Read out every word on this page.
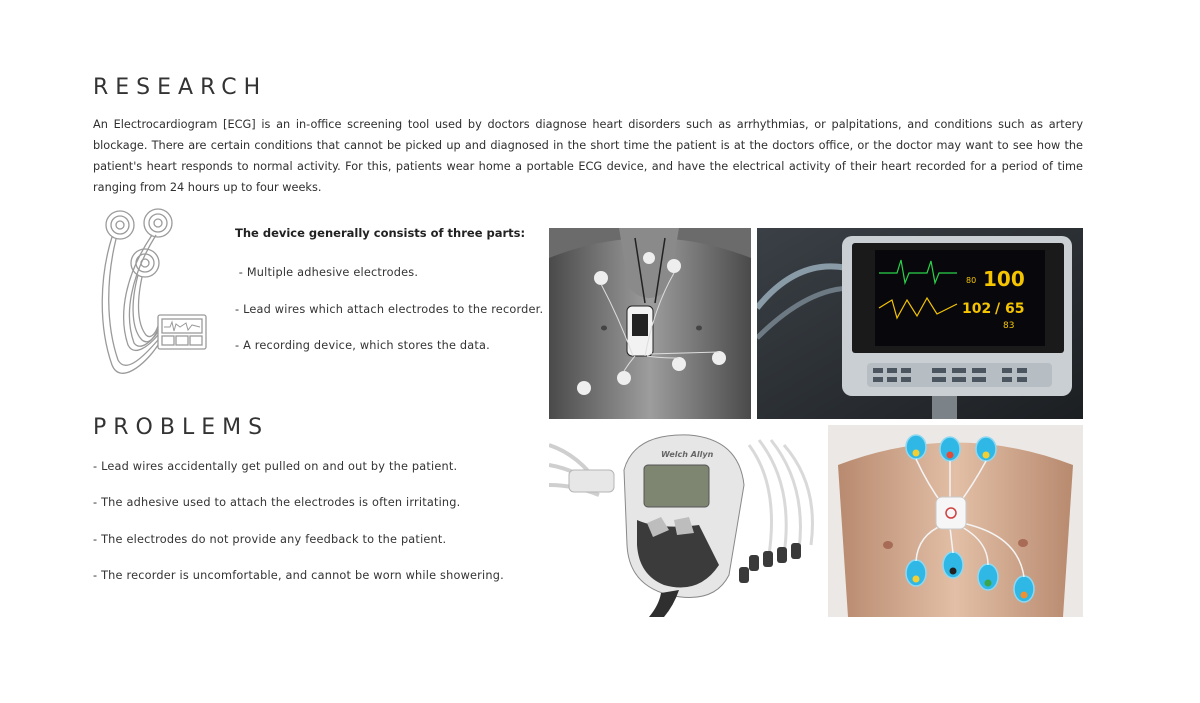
RESEARCH

An Electrocardiogram [ECG] is an in-office screening tool used by doctors diagnose heart disorders such as arrhythmias, or palpitations, and conditions such as artery blockage. There are certain conditions that cannot be picked up and diagnosed in the short time the patient is at the doctors office, or the doctor may want to see how the patient's heart responds to normal activity. For this, patients wear home a portable ECG device, and have the electrical activity of their heart recorded for a period of time ranging from 24 hours up to four weeks.

The device generally consists of three parts:

- Multiple adhesive electrodes.

- Lead wires which attach electrodes to the recorder.

- A recording device, which stores the data.

PROBLEMS

- Lead wires accidentally get pulled on and out by the patient.

- The adhesive used to attach the electrodes is often irritating.

- The electrodes do not provide any feedback to the patient.

- The recorder is uncomfortable, and cannot be worn while showering.

80 100
102 / 65
83
Welch Allyn
